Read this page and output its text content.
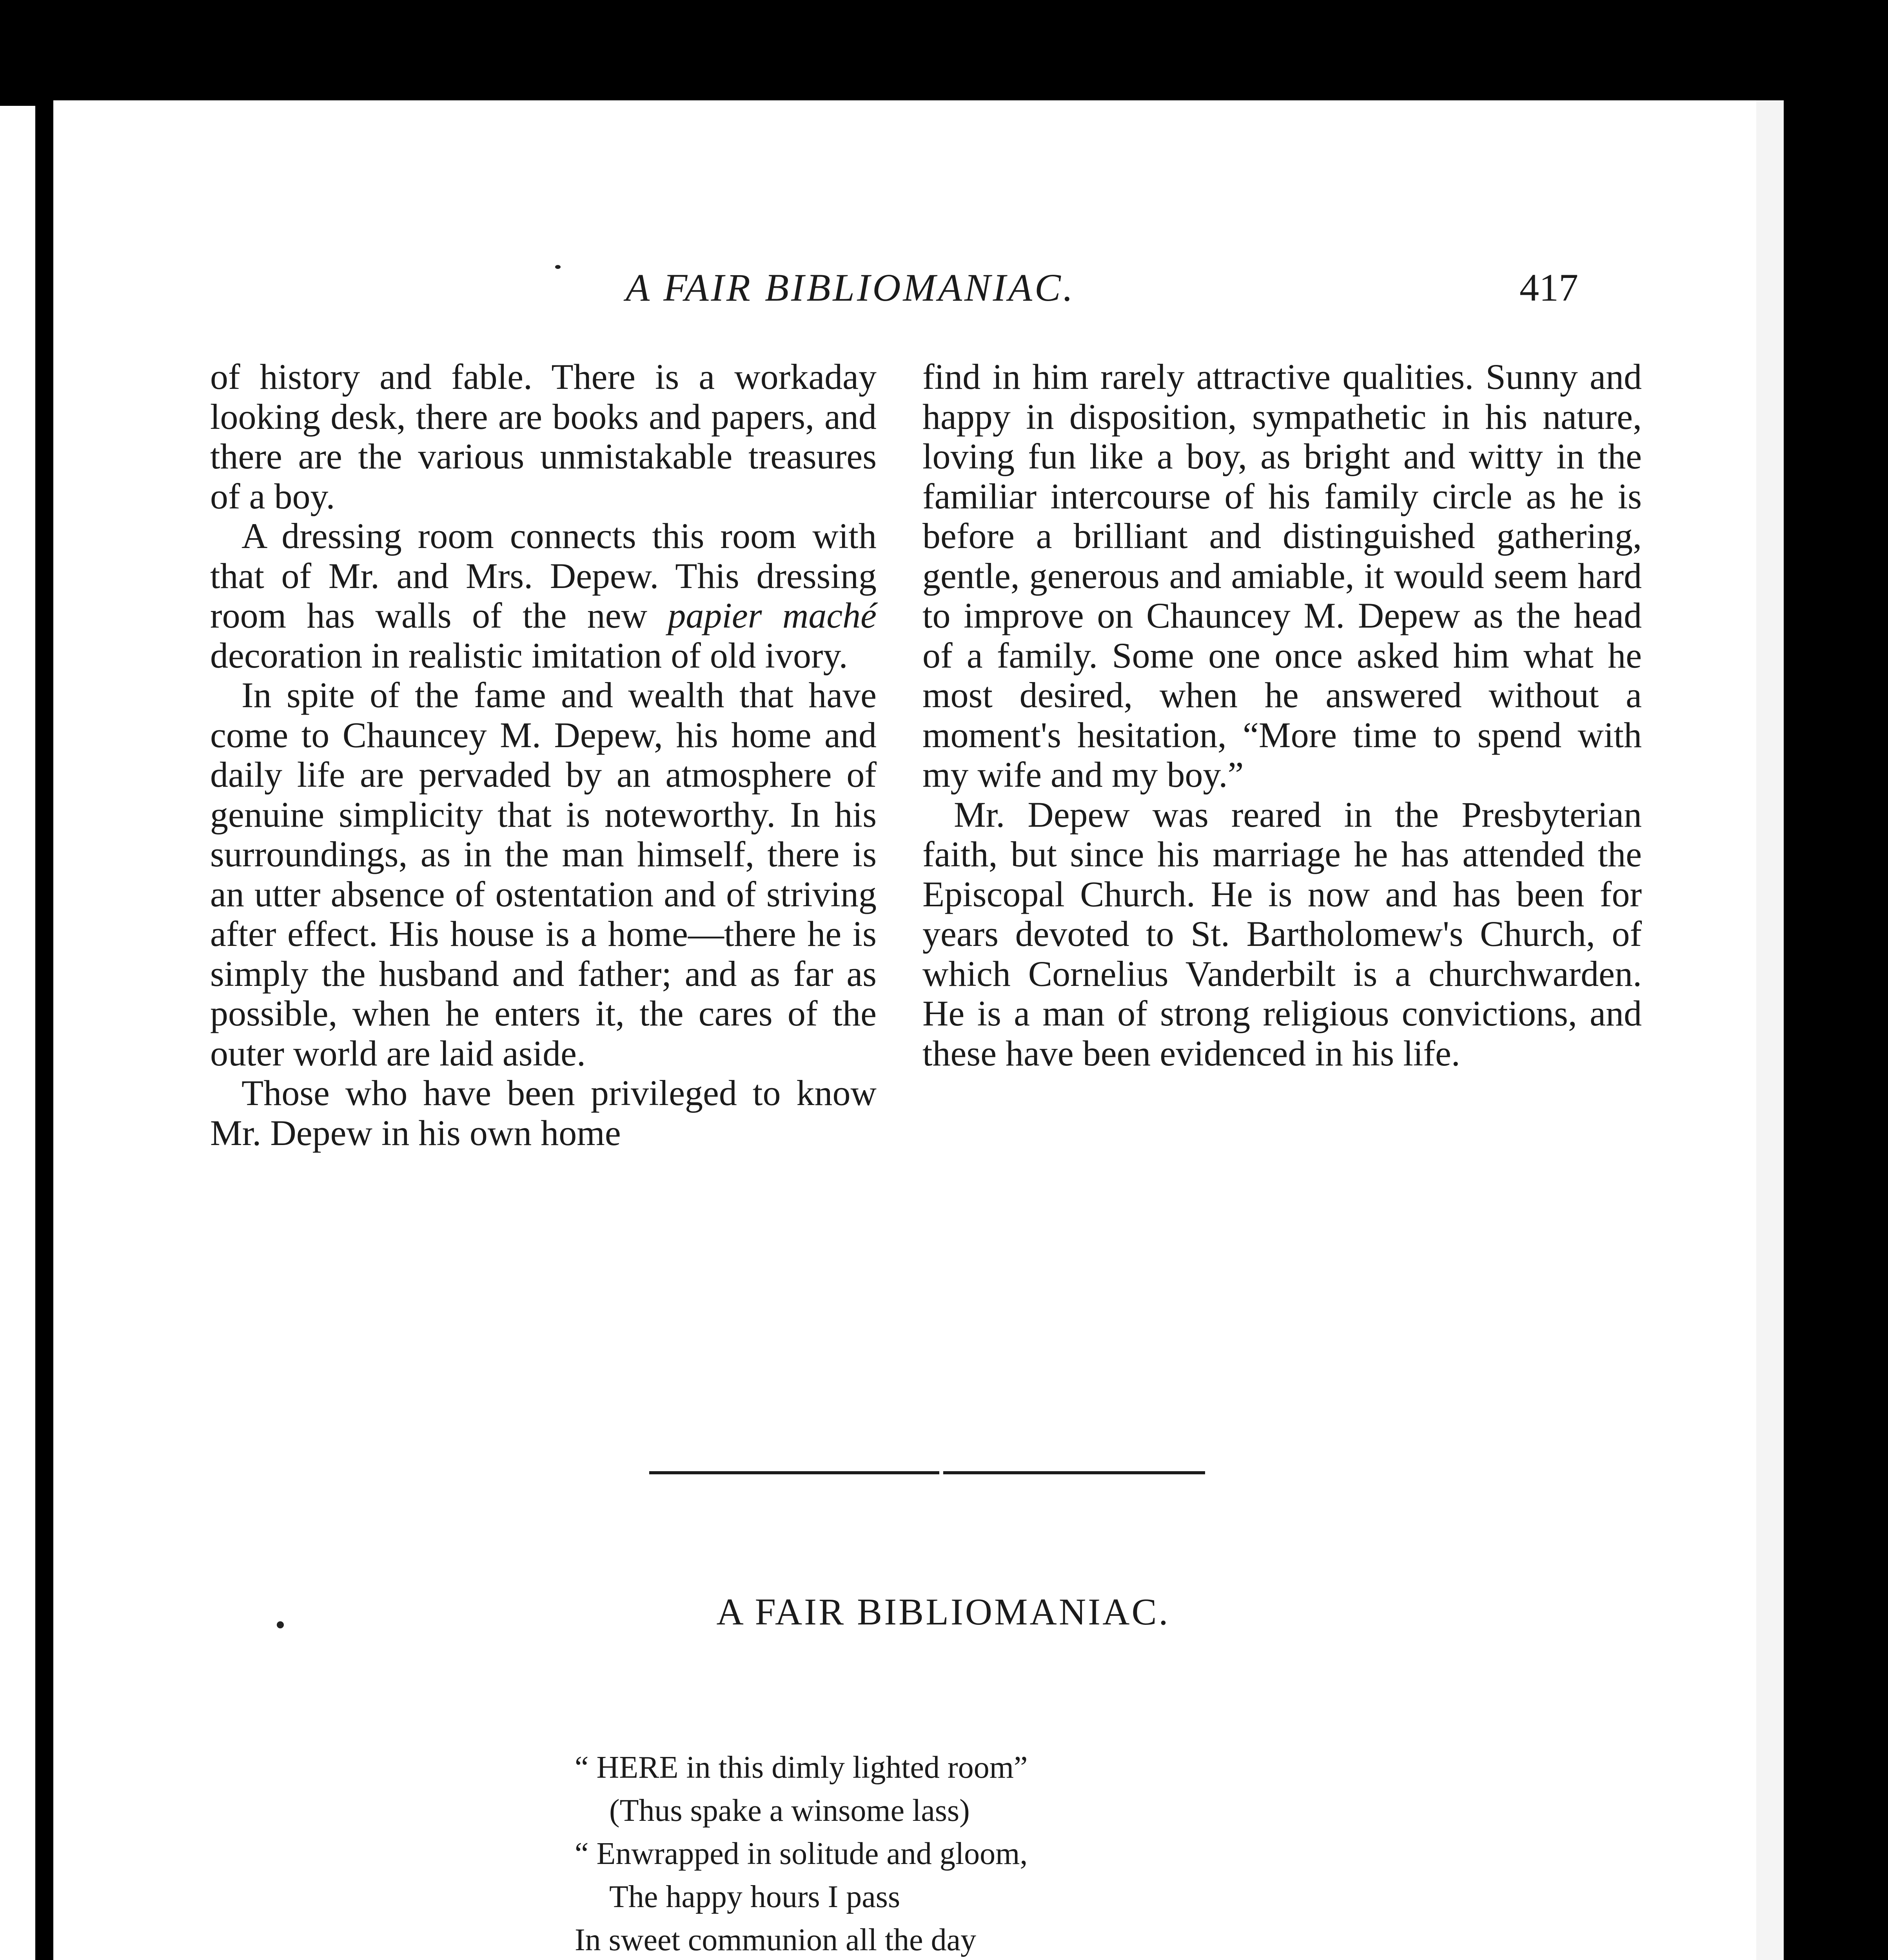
A FAIR BIBLIOMANIAC.	417

of history and fable. There is a workaday looking desk, there are books and papers, and there are the various unmistakable treasures of a boy.

A dressing room connects this room with that of Mr. and Mrs. Depew. This dressing room has walls of the new papier maché decoration in realistic imitation of old ivory.

In spite of the fame and wealth that have come to Chauncey M. Depew, his home and daily life are pervaded by an atmosphere of genuine simplicity that is noteworthy. In his surroundings, as in the man himself, there is an utter absence of ostentation and of striving after effect. His house is a home—there he is simply the husband and father; and as far as possible, when he enters it, the cares of the outer world are laid aside.

Those who have been privileged to know Mr. Depew in his own home

find in him rarely attractive qualities. Sunny and happy in disposition, sympathetic in his nature, loving fun like a boy, as bright and witty in the familiar intercourse of his family circle as he is before a brilliant and distinguished gathering, gentle, generous and amiable, it would seem hard to improve on Chauncey M. Depew as the head of a family. Some one once asked him what he most desired, when he answered without a moment's hesitation, “More time to spend with my wife and my boy.”

Mr. Depew was reared in the Presbyterian faith, but since his marriage he has attended the Episcopal Church. He is now and has been for years devoted to St. Bartholomew's Church, of which Cornelius Vanderbilt is a churchwarden. He is a man of strong religious convictions, and these have been evidenced in his life.

A FAIR BIBLIOMANIAC.
“ HERE in this dimly lighted room”
(Thus spake a winsome lass)
“ Enwrapped in solitude and gloom,
The happy hours I pass
In sweet communion all the day
